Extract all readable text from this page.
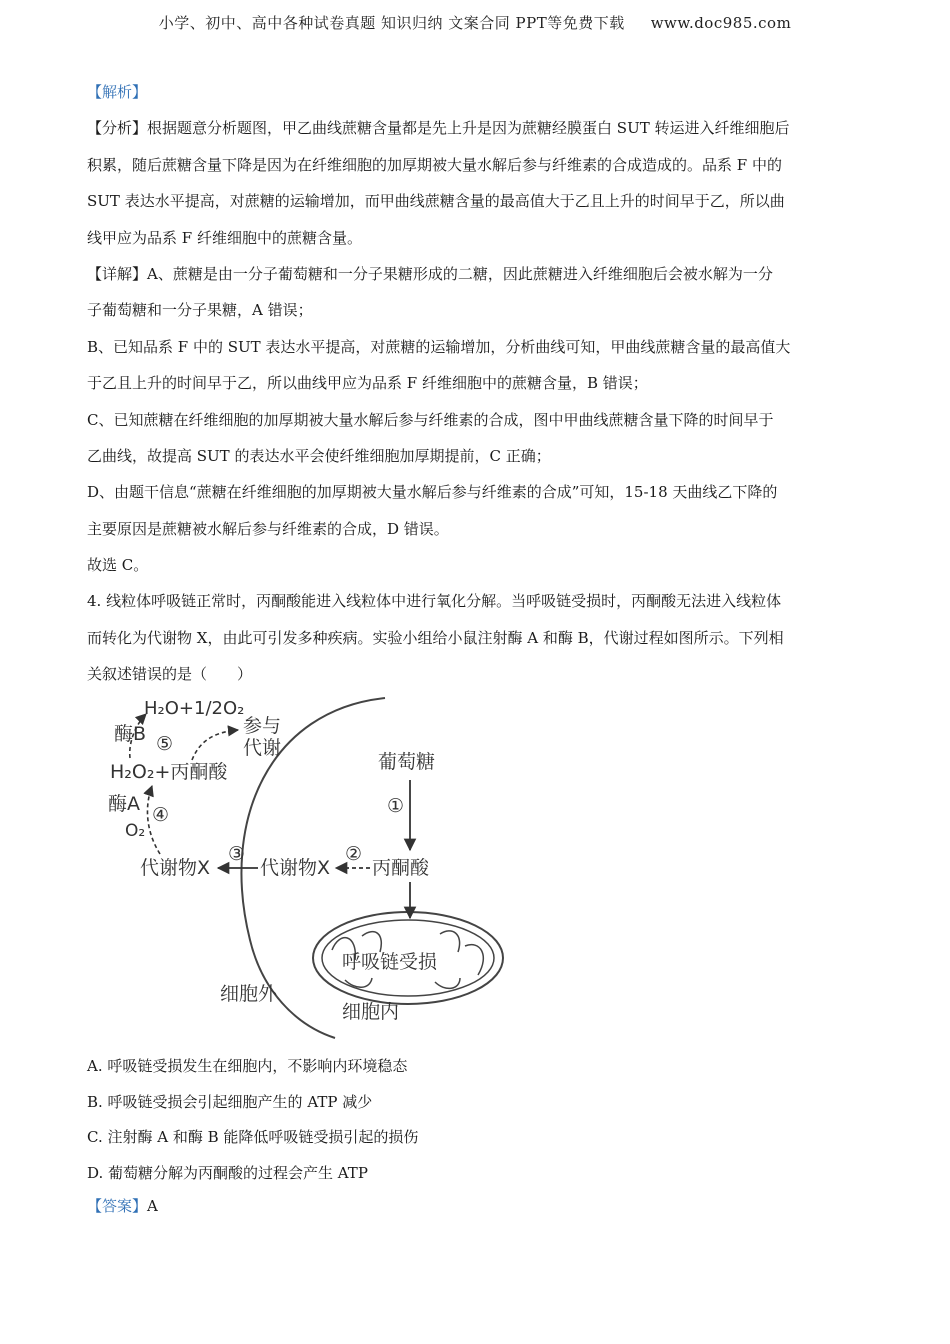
小学、初中、高中各种试卷真题 知识归纳 文案合同 PPT等免费下载 www.doc985.com
【解析】
【分析】根据题意分析题图，甲乙曲线蔗糖含量都是先上升是因为蔗糖经膜蛋白 SUT 转运进入纤维细胞后
积累，随后蔗糖含量下降是因为在纤维细胞的加厚期被大量水解后参与纤维素的合成造成的。品系 F 中的
SUT 表达水平提高，对蔗糖的运输增加，而甲曲线蔗糖含量的最高值大于乙且上升的时间早于乙，所以曲
线甲应为品系 F 纤维细胞中的蔗糖含量。
【详解】A、蔗糖是由一分子葡萄糖和一分子果糖形成的二糖，因此蔗糖进入纤维细胞后会被水解为一分
子葡萄糖和一分子果糖，A 错误；
B、已知品系 F 中的 SUT 表达水平提高，对蔗糖的运输增加，分析曲线可知，甲曲线蔗糖含量的最高值大
于乙且上升的时间早于乙，所以曲线甲应为品系 F 纤维细胞中的蔗糖含量，B 错误；
C、已知蔗糖在纤维细胞的加厚期被大量水解后参与纤维素的合成，图中甲曲线蔗糖含量下降的时间早于
乙曲线，故提高 SUT 的表达水平会使纤维细胞加厚期提前，C 正确；
D、由题干信息“蔗糖在纤维细胞的加厚期被大量水解后参与纤维素的合成”可知，15-18 天曲线乙下降的
主要原因是蔗糖被水解后参与纤维素的合成，D 错误。
故选 C。
4. 线粒体呼吸链正常时，丙酮酸能进入线粒体中进行氧化分解。当呼吸链受损时，丙酮酸无法进入线粒体
而转化为代谢物 X，由此可引发多种疾病。实验小组给小鼠注射酶 A 和酶 B，代谢过程如图所示。下列相
关叙述错误的是（　　）
呼吸链受损
葡萄糖
①
丙酮酸
②
代谢物X
③
代谢物X
O₂
酶A ④
H₂O₂+丙酮酸
酶B ⑤
H₂O+1/2O₂
参与
代谢
细胞外
细胞内
A. 呼吸链受损发生在细胞内，不影响内环境稳态
B. 呼吸链受损会引起细胞产生的 ATP 减少
C. 注射酶 A 和酶 B 能降低呼吸链受损引起的损伤
D. 葡萄糖分解为丙酮酸的过程会产生 ATP
【答案】A
